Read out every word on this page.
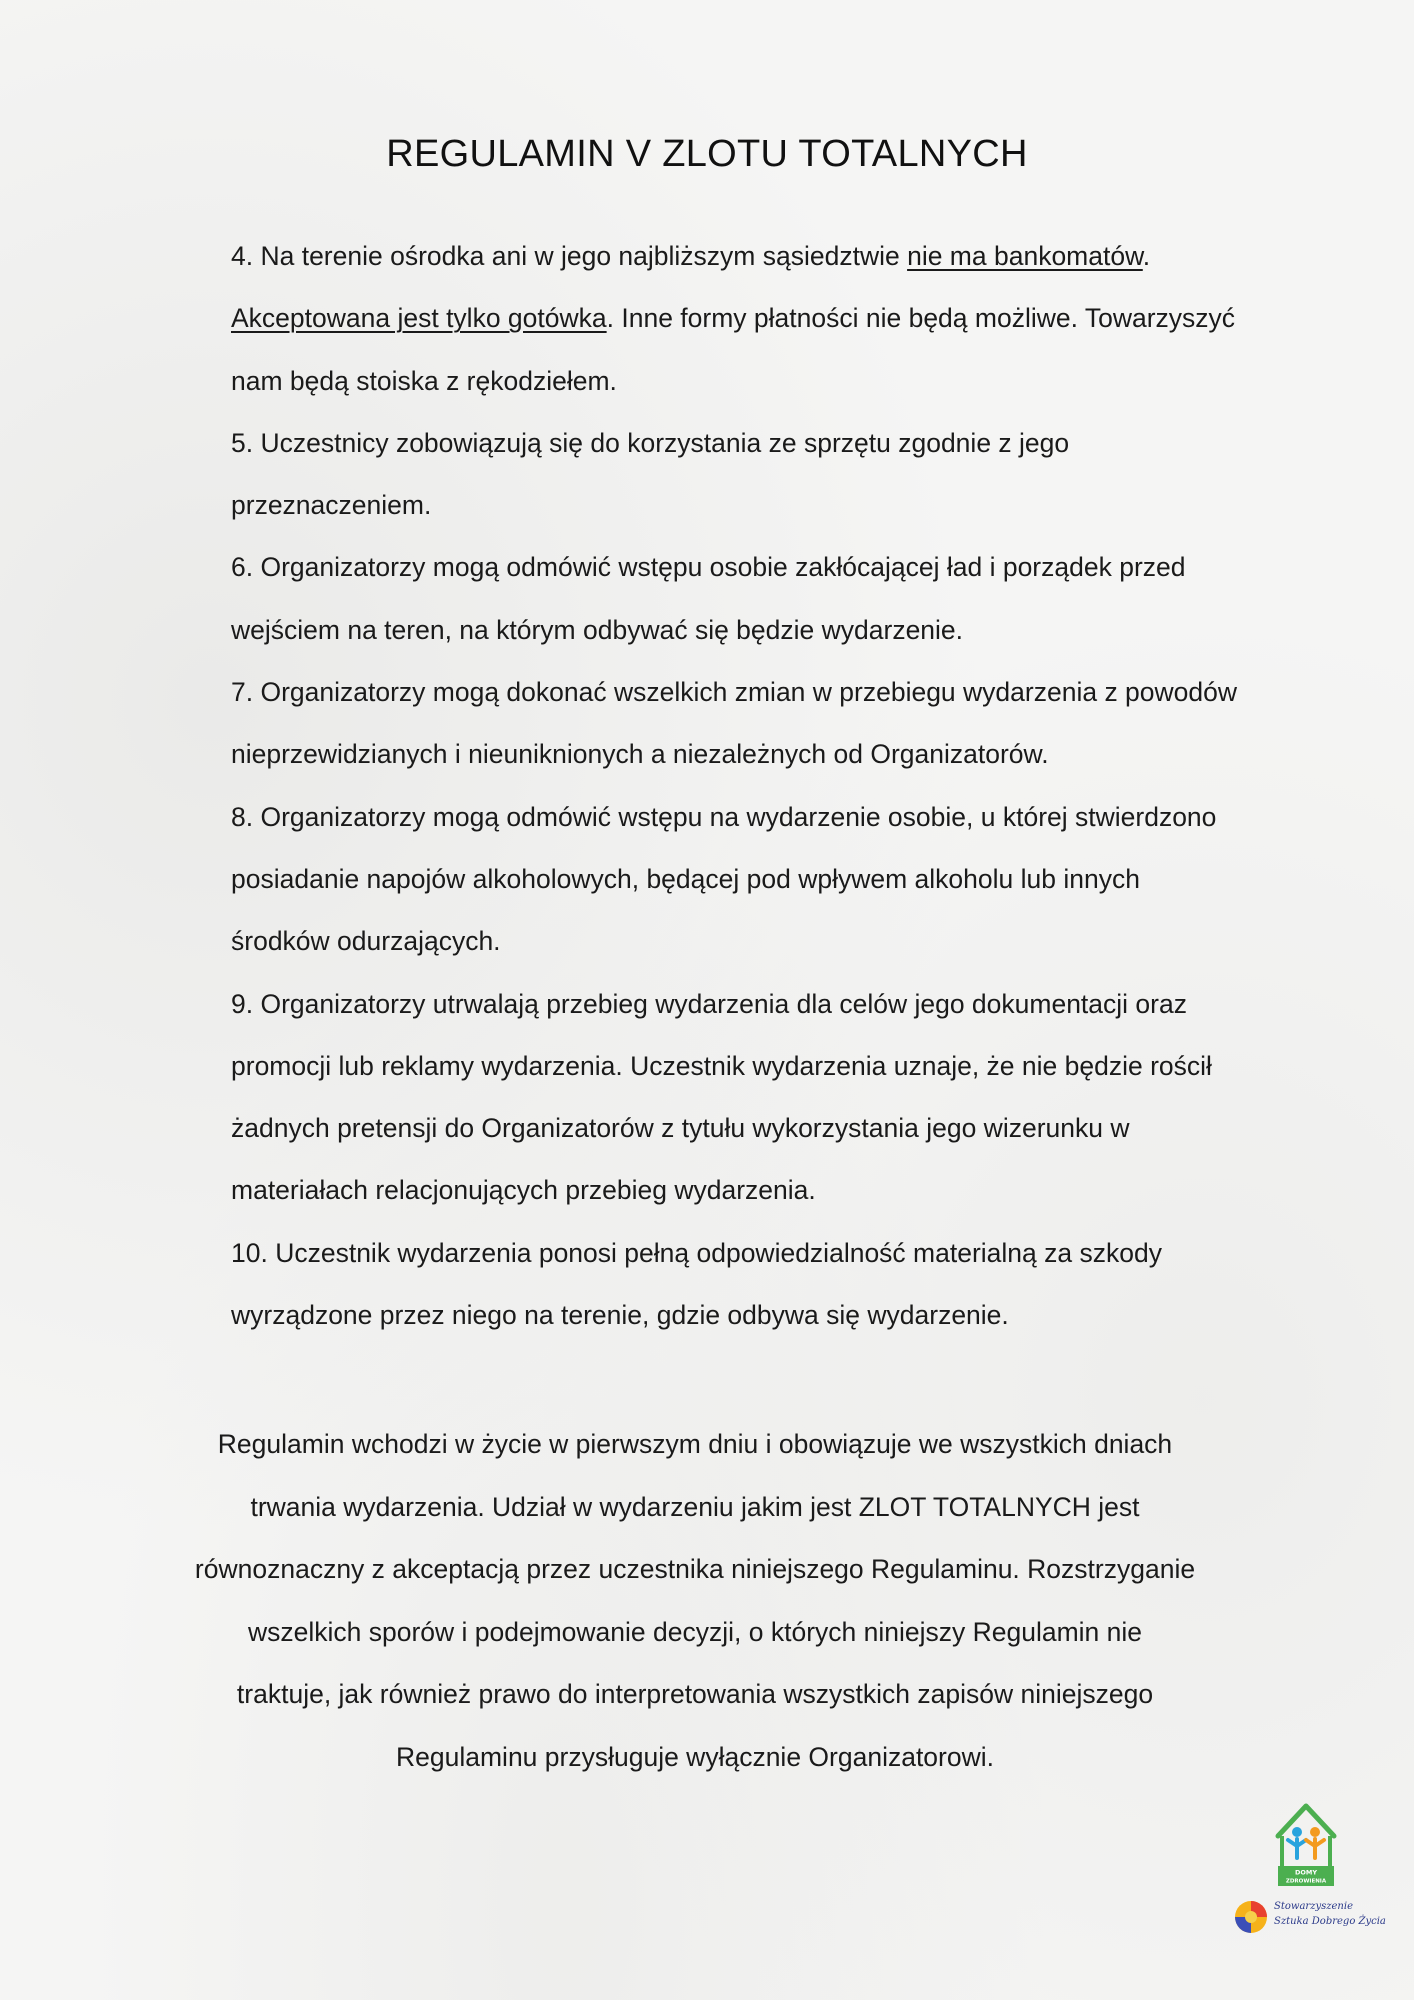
REGULAMIN V ZLOTU TOTALNYCH
4. Na terenie ośrodka ani w jego najbliższym sąsiedztwie nie ma bankomatów.
Akceptowana jest tylko gotówka. Inne formy płatności nie będą możliwe. Towarzyszyć
nam będą stoiska z rękodziełem.
5. Uczestnicy zobowiązują się do korzystania ze sprzętu zgodnie z jego
przeznaczeniem.
6. Organizatorzy mogą odmówić wstępu osobie zakłócającej ład i porządek przed
wejściem na teren, na którym odbywać się będzie wydarzenie.
7. Organizatorzy mogą dokonać wszelkich zmian w przebiegu wydarzenia z powodów
nieprzewidzianych i nieuniknionych a niezależnych od Organizatorów.
8. Organizatorzy mogą odmówić wstępu na wydarzenie osobie, u której stwierdzono
posiadanie napojów alkoholowych, będącej pod wpływem alkoholu lub innych
środków odurzających.
9. Organizatorzy utrwalają przebieg wydarzenia dla celów jego dokumentacji oraz
promocji lub reklamy wydarzenia. Uczestnik wydarzenia uznaje, że nie będzie rościł
żadnych pretensji do Organizatorów z tytułu wykorzystania jego wizerunku w
materiałach relacjonujących przebieg wydarzenia.
10. Uczestnik wydarzenia ponosi pełną odpowiedzialność materialną za szkody
wyrządzone przez niego na terenie, gdzie odbywa się wydarzenie.
Regulamin wchodzi w życie w pierwszym dniu i obowiązuje we wszystkich dniach
trwania wydarzenia. Udział w wydarzeniu jakim jest ZLOT TOTALNYCH jest
równoznaczny z akceptacją przez uczestnika niniejszego Regulaminu. Rozstrzyganie
wszelkich sporów i podejmowanie decyzji, o których niniejszy Regulamin nie
traktuje, jak również prawo do interpretowania wszystkich zapisów niniejszego
Regulaminu przysługuje wyłącznie Organizatorowi.
DOMY
ZDROWIENIA
Stowarzyszenie
Sztuka Dobrego Życia
